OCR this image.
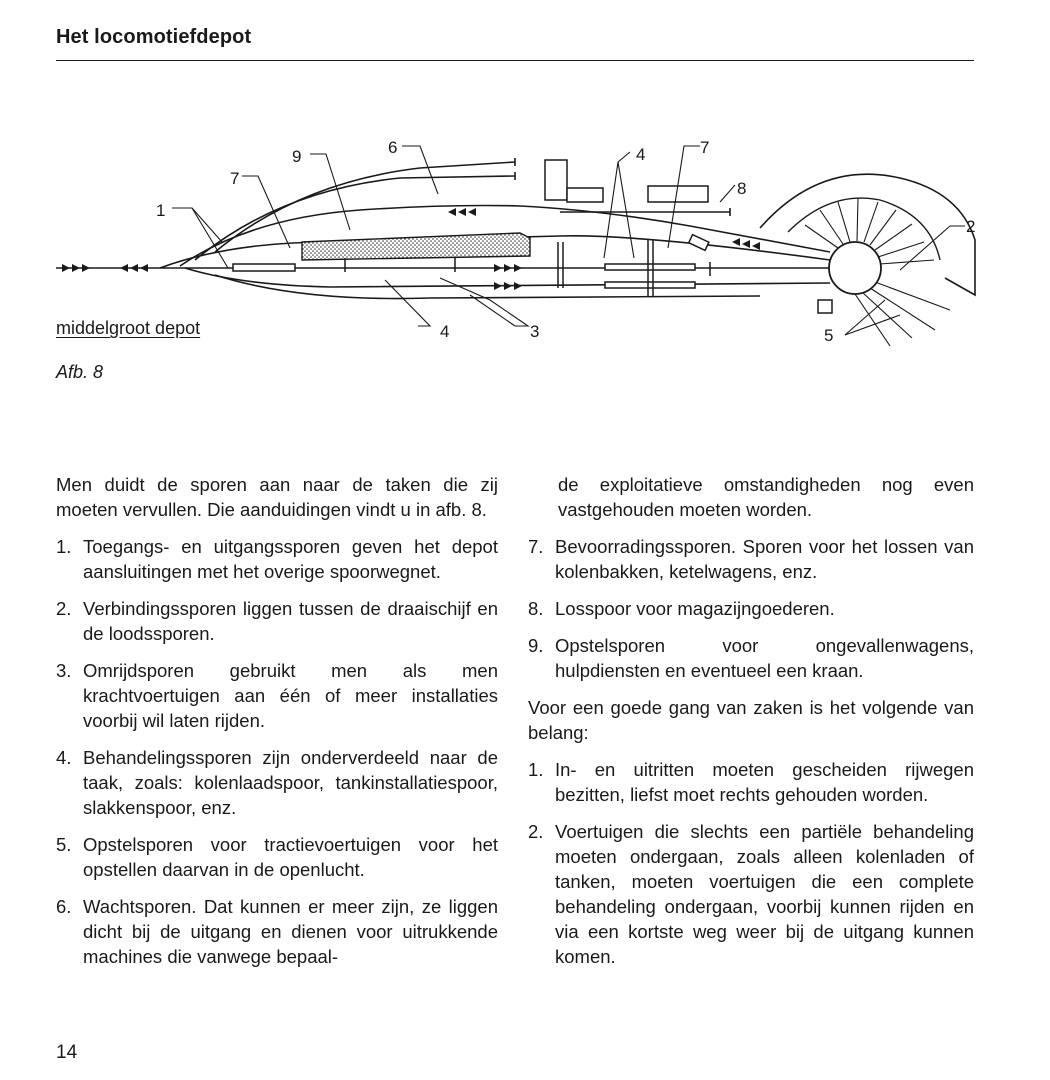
Het locomotiefdepot
1
2
3
4
4
5
6
7
7
8
9
middelgroot depot
Afb. 8

Men duidt de sporen aan naar de taken die zij moeten vervullen. Die aanduidingen vindt u in afb. 8.

1. Toegangs- en uitgangssporen geven het depot aansluitingen met het overige spoorwegnet.
2. Verbindingssporen liggen tussen de draaischijf en de loodssporen.
3. Omrijdsporen gebruikt men als men krachtvoertuigen aan één of meer installaties voorbij wil laten rijden.
4. Behandelingssporen zijn onderverdeeld naar de taak, zoals: kolenlaadspoor, tankinstallatiespoor, slakkenspoor, enz.
5. Opstelsporen voor tractievoertuigen voor het opstellen daarvan in de openlucht.
6. Wachtsporen. Dat kunnen er meer zijn, ze liggen dicht bij de uitgang en dienen voor uitrukkende machines die vanwege bepaal-

de exploitatieve omstandigheden nog even vastgehouden moeten worden.

7. Bevoorradingssporen. Sporen voor het lossen van kolenbakken, ketelwagens, enz.
8. Losspoor voor magazijngoederen.
9. Opstelsporen voor ongevallenwagens, hulpdiensten en eventueel een kraan.

Voor een goede gang van zaken is het volgende van belang:

1. In- en uitritten moeten gescheiden rijwegen bezitten, liefst moet rechts gehouden worden.
2. Voertuigen die slechts een partiële behandeling moeten ondergaan, zoals alleen kolenladen of tanken, moeten voertuigen die een complete behandeling ondergaan, voorbij kunnen rijden en via een kortste weg weer bij de uitgang kunnen komen.
14
